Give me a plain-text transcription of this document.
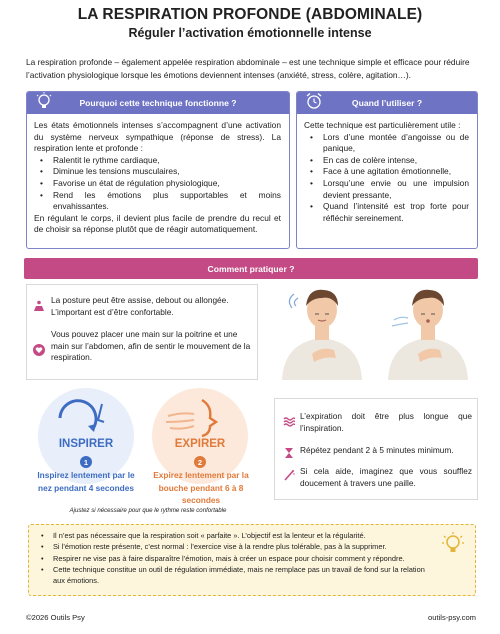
LA RESPIRATION PROFONDE (ABDOMINALE)
Réguler l’activation émotionnelle intense
La respiration profonde – également appelée respiration abdominale – est une technique simple et efficace pour réduire l’activation physiologique lorsque les émotions deviennent intenses (anxiété, stress, colère, agitation…).
Pourquoi cette technique fonctionne ?

Les états émotionnels intenses s’accompagnent d’une activation du système nerveux sympathique (réponse de stress). La respiration lente et profonde :

• Ralentit le rythme cardiaque,
• Diminue les tensions musculaires,
• Favorise un état de régulation physiologique,
• Rend les émotions plus supportables et moins envahissantes.

En régulant le corps, il devient plus facile de prendre du recul et de choisir sa réponse plutôt que de réagir automatiquement.

Quand l’utiliser ?

Cette technique est particulièrement utile :

• Lors d’une montée d’angoisse ou de panique,
• En cas de colère intense,
• Face à une agitation émotionnelle,
• Lorsqu’une envie ou une impulsion devient pressante,
• Quand l’intensité est trop forte pour réfléchir sereinement.
Comment pratiquer ?
La posture peut être assise, debout ou allongée. L’important est d’être confortable.
Vous pouvez placer une main sur la poitrine et une main sur l’abdomen, afin de sentir le mouvement de la respiration.
INSPIRER
1
Inspirez lentement par le nez pendant 4 secondes
EXPIRER
2
Expirez lentement par la bouche pendant 6 à 8 secondes
Ajustez si nécessaire pour que le rythme reste confortable
L’expiration doit être plus longue que l’inspiration.
Répétez pendant 2 à 5 minutes minimum.
Si cela aide, imaginez que vous soufflez doucement à travers une paille.
• Il n’est pas nécessaire que la respiration soit « parfaite ». L’objectif est la lenteur et la régularité.
• Si l’émotion reste présente, c’est normal : l’exercice vise à la rendre plus tolérable, pas à la supprimer.
• Respirer ne vise pas à faire disparaître l’émotion, mais à créer un espace pour choisir comment y répondre.
• Cette technique constitue un outil de régulation immédiate, mais ne remplace pas un travail de fond sur la relation aux émotions.
©2026 Outils Psy	outils-psy.com
